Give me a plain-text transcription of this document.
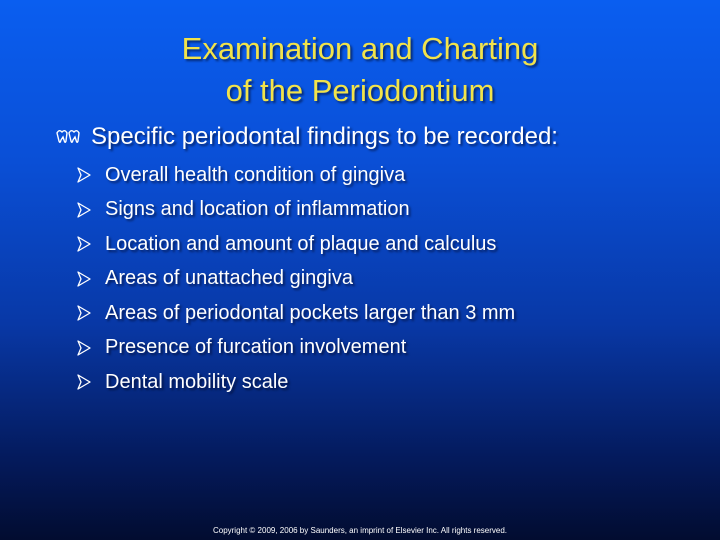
Examination and Charting
of the Periodontium
Specific periodontal findings to be recorded:
Overall health condition of gingiva
Signs and location of inflammation
Location and amount of plaque and calculus
Areas of unattached gingiva
Areas of periodontal pockets larger than 3 mm
Presence of furcation involvement
Dental mobility scale
Copyright © 2009, 2006 by Saunders, an imprint of Elsevier Inc. All rights reserved.
